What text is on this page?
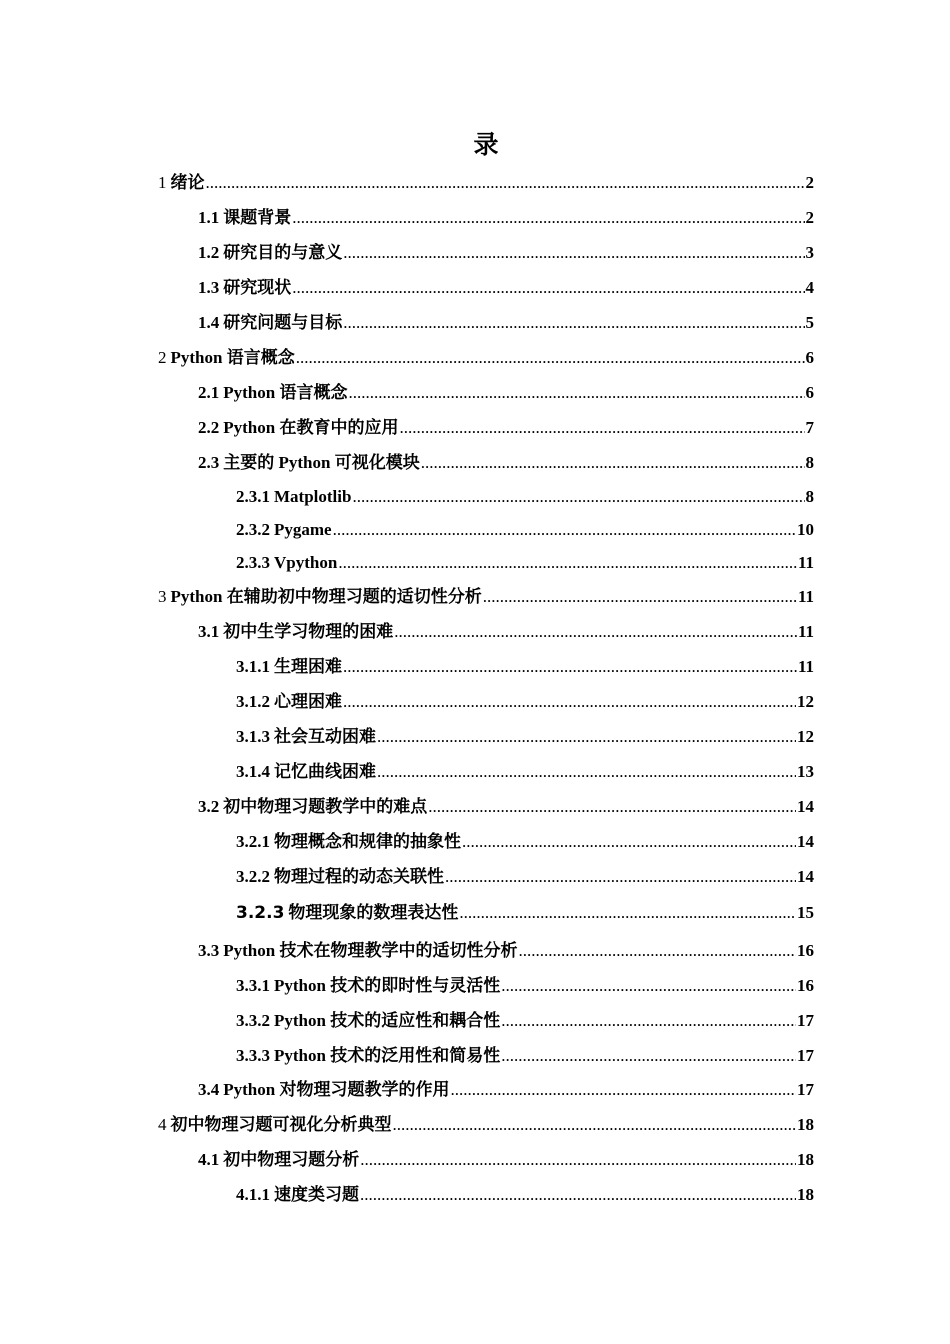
录
1 绪论 .....	2
1.1 课题背景 .....	2
1.2 研究目的与意义 .....	3
1.3 研究现状 .....	4
1.4 研究问题与目标 .....	5
2 Python 语言概念 .....	6
2.1 Python 语言概念 .....	6
2.2 Python 在教育中的应用 .....	7
2.3 主要的 Python 可视化模块 .....	8
2.3.1 Matplotlib .....	8
2.3.2 Pygame .....	10
2.3.3 Vpython .....	11
3 Python 在辅助初中物理习题的适切性分析 .....	11
3.1 初中生学习物理的困难 .....	11
3.1.1 生理困难 .....	11
3.1.2 心理困难 .....	12
3.1.3 社会互动困难 .....	12
3.1.4 记忆曲线困难 .....	13
3.2 初中物理习题教学中的难点 .....	14
3.2.1 物理概念和规律的抽象性 .....	14
3.2.2 物理过程的动态关联性 .....	14
3.2.3 物理现象的数理表达性 .....	15
3.3 Python 技术在物理教学中的适切性分析 .....	16
3.3.1 Python 技术的即时性与灵活性 .....	16
3.3.2 Python 技术的适应性和耦合性 .....	17
3.3.3 Python 技术的泛用性和简易性 .....	17
3.4 Python 对物理习题教学的作用 .....	17
4 初中物理习题可视化分析典型 .....	18
4.1 初中物理习题分析 .....	18
4.1.1 速度类习题 .....	18
